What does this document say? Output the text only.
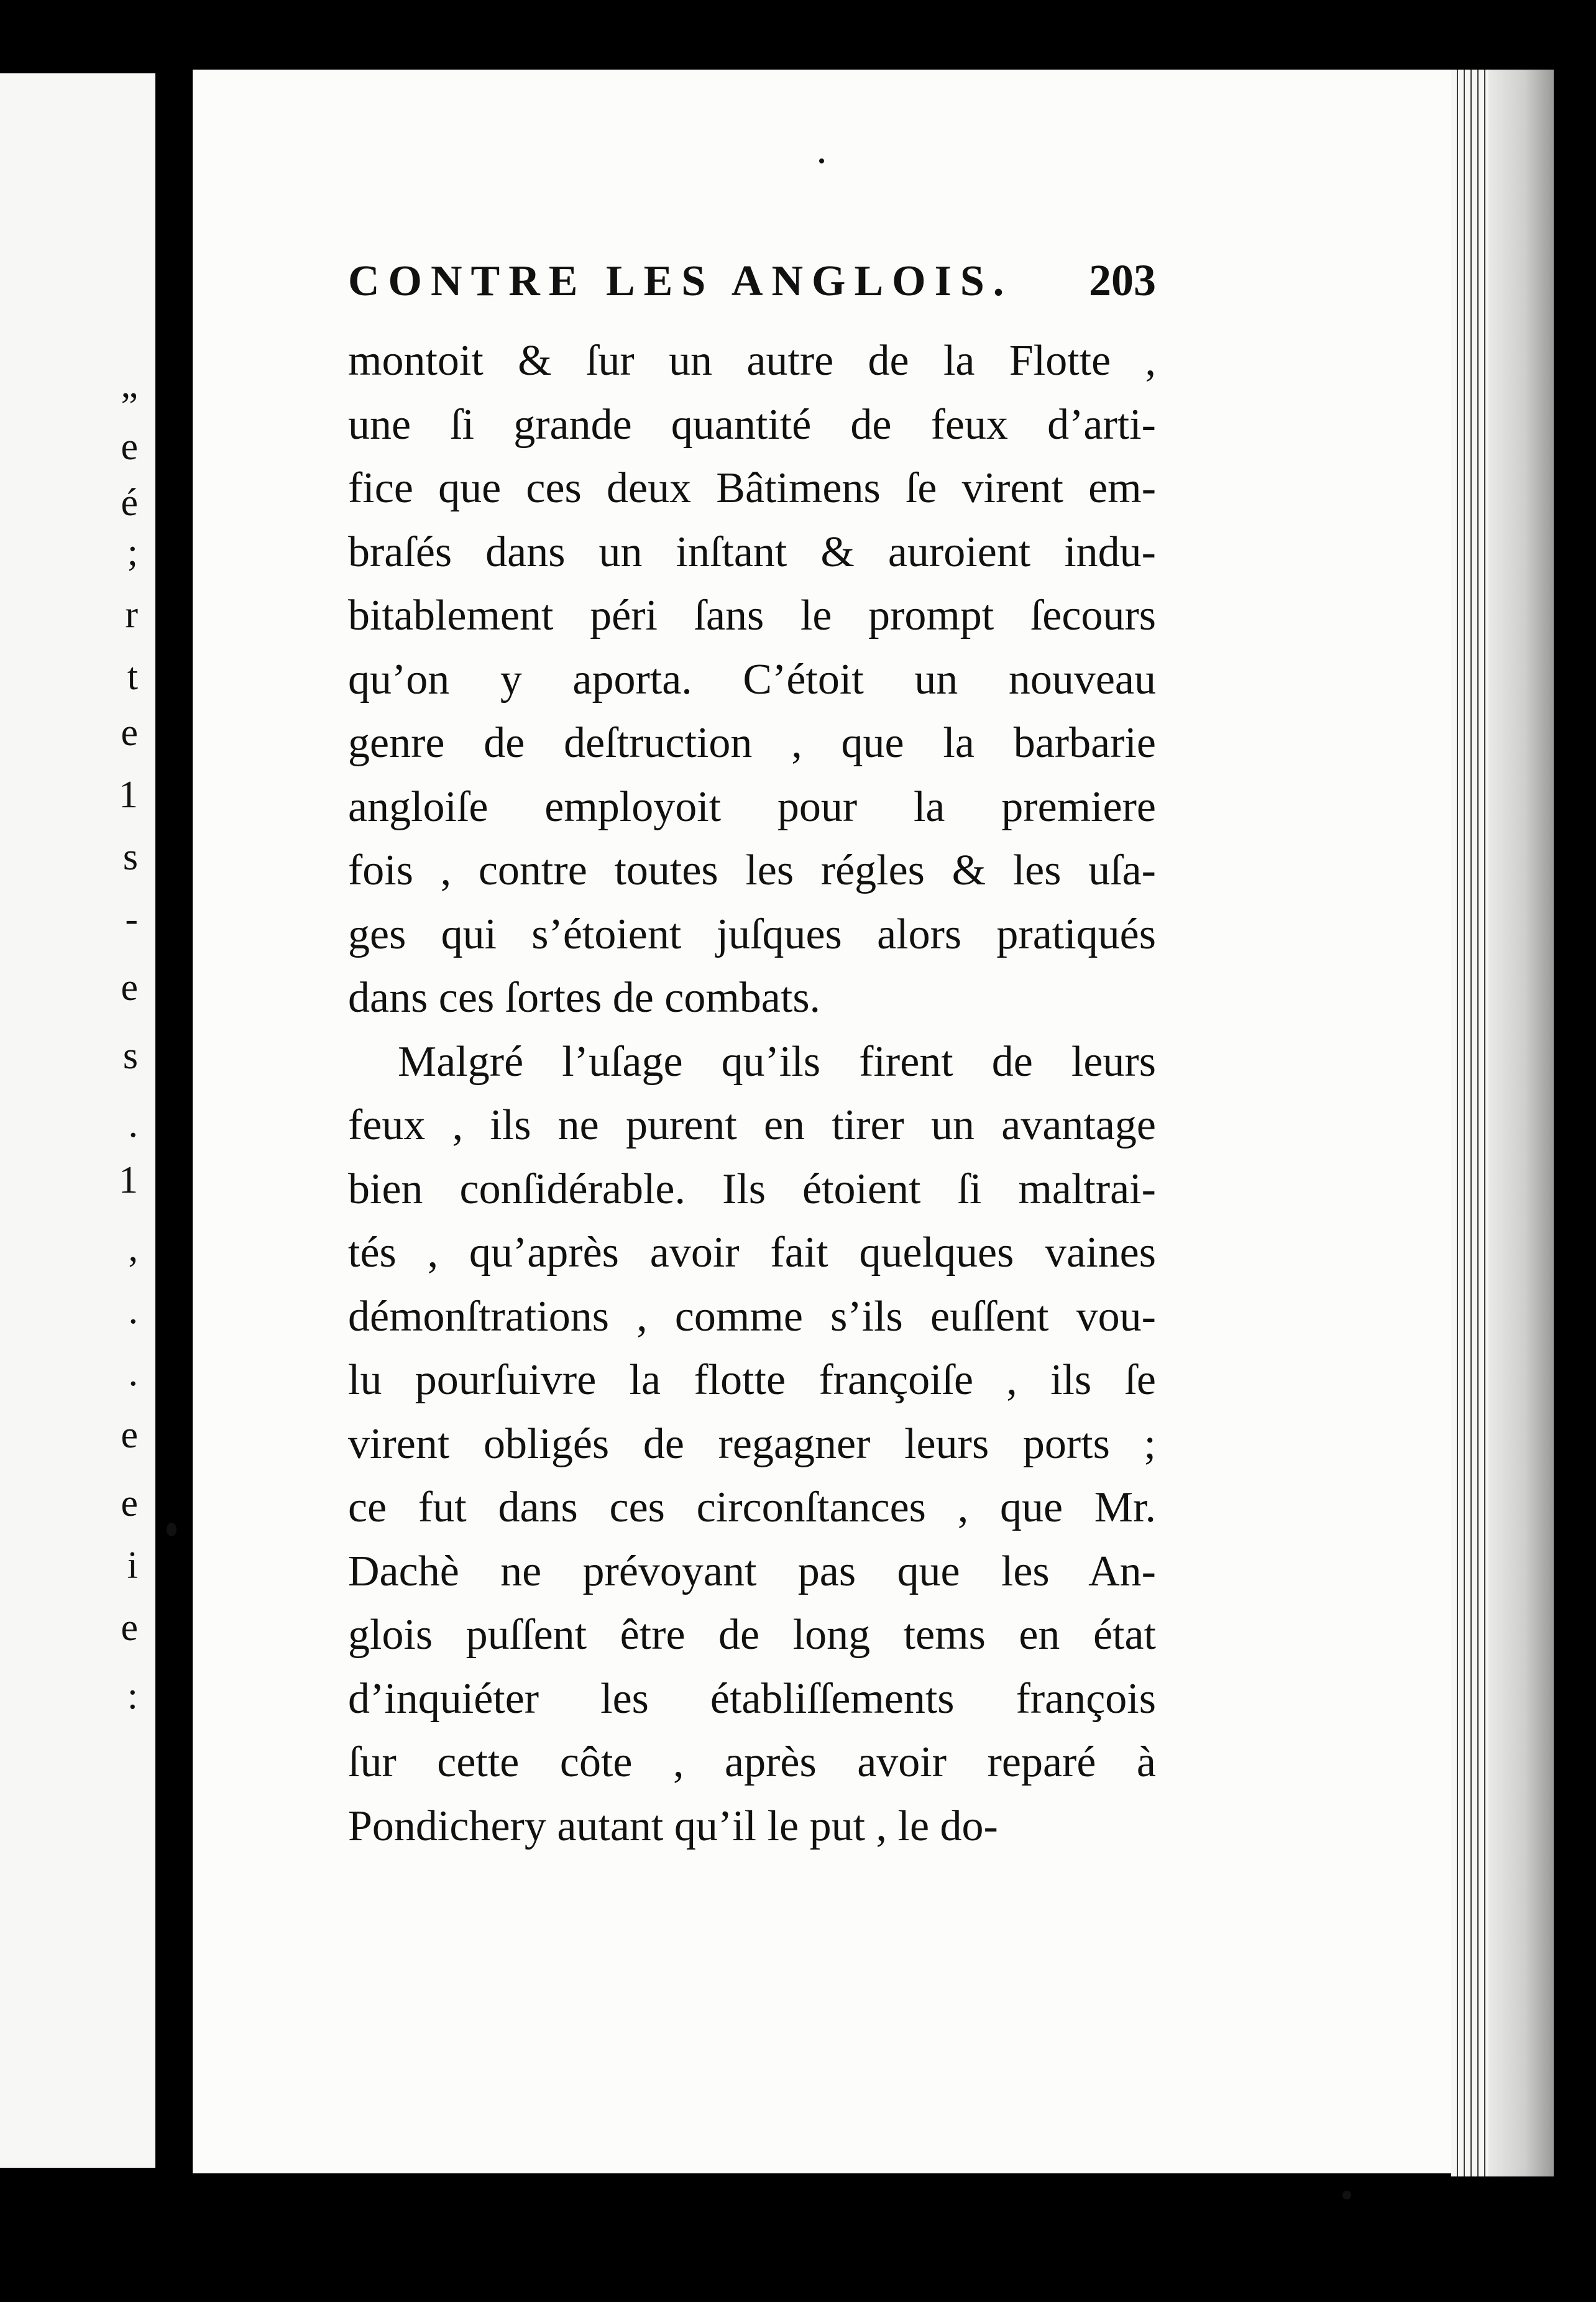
„
e
é
;
r
t
e
1
s
-
e
s
.
1
,
.
.
e
e
i
e
:
CONTRE LES ANGLOIS. 203
montoit & ſur un autre de la Flotte ,
une ſi grande quantité de feux d’arti-
fice que ces deux Bâtimens ſe virent em-
braſés dans un inſtant & auroient indu-
bitablement péri ſans le prompt ſecours
qu’on y aporta. C’étoit un nouveau
genre de deſtruction , que la barbarie
angloiſe employoit pour la premiere
fois , contre toutes les régles & les uſa-
ges qui s’étoient juſques alors pratiqués
dans ces ſortes de combats.
Malgré l’uſage qu’ils firent de leurs
feux , ils ne purent en tirer un avantage
bien conſidérable. Ils étoient ſi maltrai-
tés , qu’après avoir fait quelques vaines
démonſtrations , comme s’ils euſſent vou-
lu pourſuivre la flotte françoiſe , ils ſe
virent obligés de regagner leurs ports ;
ce fut dans ces circonſtances , que Mr.
Dachè ne prévoyant pas que les An-
glois puſſent être de long tems en état
d’inquiéter les établiſſements françois
ſur cette côte , après avoir reparé à
Pondichery autant qu’il le put , le do-
